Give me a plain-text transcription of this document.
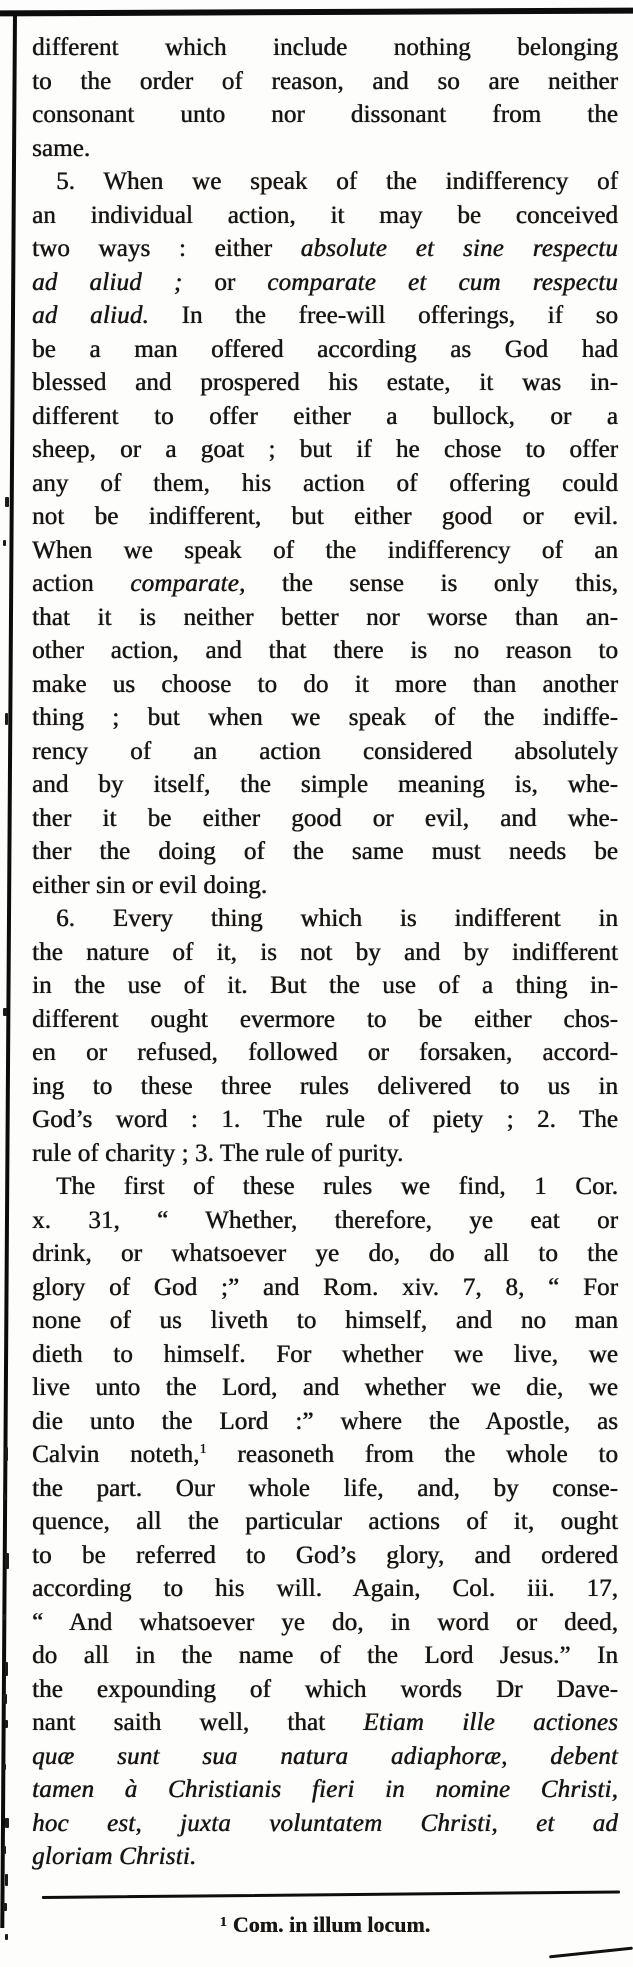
different which include nothing belonging
to the order of reason, and so are neither
consonant unto nor dissonant from the
same.
5. When we speak of the indifferency of
an individual action, it may be conceived
two ways : either absolute et sine respectu
ad aliud ; or comparate et cum respectu
ad aliud. In the free-will offerings, if so
be a man offered according as God had
blessed and prospered his estate, it was in-
different to offer either a bullock, or a
sheep, or a goat ; but if he chose to offer
any of them, his action of offering could
not be indifferent, but either good or evil.
When we speak of the indifferency of an
action comparate, the sense is only this,
that it is neither better nor worse than an-
other action, and that there is no reason to
make us choose to do it more than another
thing ; but when we speak of the indiffe-
rency of an action considered absolutely
and by itself, the simple meaning is, whe-
ther it be either good or evil, and whe-
ther the doing of the same must needs be
either sin or evil doing.
6. Every thing which is indifferent in
the nature of it, is not by and by indifferent
in the use of it. But the use of a thing in-
different ought evermore to be either chos-
en or refused, followed or forsaken, accord-
ing to these three rules delivered to us in
God’s word : 1. The rule of piety ; 2. The
rule of charity ; 3. The rule of purity.
The first of these rules we find, 1 Cor.
x. 31, “ Whether, therefore, ye eat or
drink, or whatsoever ye do, do all to the
glory of God ;” and Rom. xiv. 7, 8, “ For
none of us liveth to himself, and no man
dieth to himself. For whether we live, we
live unto the Lord, and whether we die, we
die unto the Lord :” where the Apostle, as
Calvin noteth,$^1$ reasoneth from the whole to
the part. Our whole life, and, by conse-
quence, all the particular actions of it, ought
to be referred to God’s glory, and ordered
according to his will. Again, Col. iii. 17,
“ And whatsoever ye do, in word or deed,
do all in the name of the Lord Jesus.” In
the expounding of which words Dr Dave-
nant saith well, that Etiam ille actiones
quæ sunt sua natura adiaphoræ, debent
tamen à Christianis fieri in nomine Christi,
hoc est, juxta voluntatem Christi, et ad
gloriam Christi.
$^1$ Com. in illum locum.
